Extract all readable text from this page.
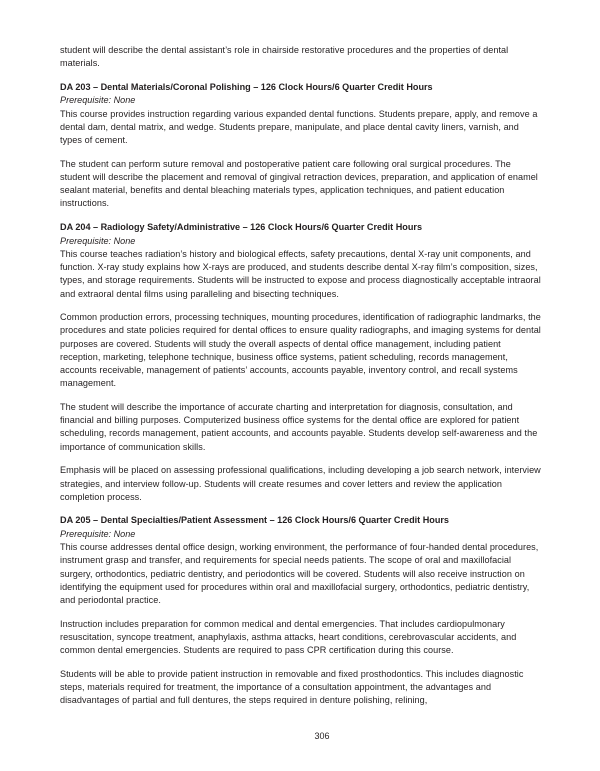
student will describe the dental assistant’s role in chairside restorative procedures and the properties of dental materials.

DA 203 – Dental Materials/Coronal Polishing – 126 Clock Hours/6 Quarter Credit Hours
Prerequisite: None

This course provides instruction regarding various expanded dental functions. Students prepare, apply, and remove a dental dam, dental matrix, and wedge. Students prepare, manipulate, and place dental cavity liners, varnish, and types of cement.

The student can perform suture removal and postoperative patient care following oral surgical procedures. The student will describe the placement and removal of gingival retraction devices, preparation, and application of enamel sealant material, benefits and dental bleaching materials types, application techniques, and patient education instructions.

DA 204 – Radiology Safety/Administrative – 126 Clock Hours/6 Quarter Credit Hours
Prerequisite: None

This course teaches radiation’s history and biological effects, safety precautions, dental X-ray unit components, and function. X-ray study explains how X-rays are produced, and students describe dental X-ray film’s composition, sizes, types, and storage requirements. Students will be instructed to expose and process diagnostically acceptable intraoral and extraoral dental films using paralleling and bisecting techniques.

Common production errors, processing techniques, mounting procedures, identification of radiographic landmarks, the procedures and state policies required for dental offices to ensure quality radiographs, and imaging systems for dental purposes are covered. Students will study the overall aspects of dental office management, including patient reception, marketing, telephone technique, business office systems, patient scheduling, records management, accounts receivable, management of patients’ accounts, accounts payable, inventory control, and recall systems management.

The student will describe the importance of accurate charting and interpretation for diagnosis, consultation, and financial and billing purposes. Computerized business office systems for the dental office are explored for patient scheduling, records management, patient accounts, and accounts payable. Students develop self-awareness and the importance of communication skills.

Emphasis will be placed on assessing professional qualifications, including developing a job search network, interview strategies, and interview follow-up. Students will create resumes and cover letters and review the application completion process.

DA 205 – Dental Specialties/Patient Assessment – 126 Clock Hours/6 Quarter Credit Hours
Prerequisite: None

This course addresses dental office design, working environment, the performance of four-handed dental procedures, instrument grasp and transfer, and requirements for special needs patients. The scope of oral and maxillofacial surgery, orthodontics, pediatric dentistry, and periodontics will be covered. Students will also receive instruction on identifying the equipment used for procedures within oral and maxillofacial surgery, orthodontics, pediatric dentistry, and periodontal practice.

Instruction includes preparation for common medical and dental emergencies. That includes cardiopulmonary resuscitation, syncope treatment, anaphylaxis, asthma attacks, heart conditions, cerebrovascular accidents, and common dental emergencies. Students are required to pass CPR certification during this course.

Students will be able to provide patient instruction in removable and fixed prosthodontics. This includes diagnostic steps, materials required for treatment, the importance of a consultation appointment, the advantages and disadvantages of partial and full dentures, the steps required in denture polishing, relining,

306
